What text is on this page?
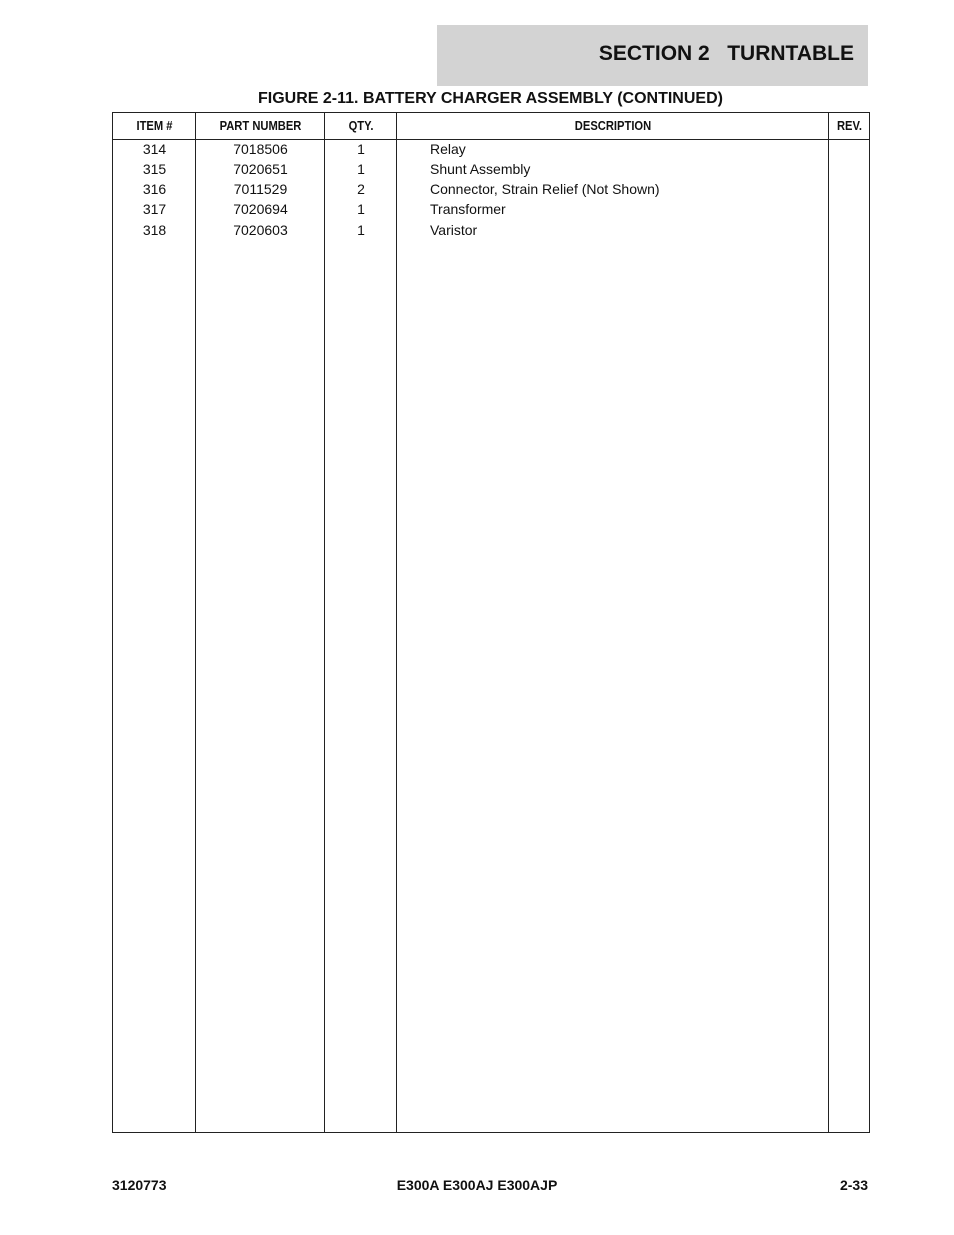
SECTION 2   TURNTABLE
FIGURE 2-11. BATTERY CHARGER ASSEMBLY (CONTINUED)
ITEM #	PART NUMBER	QTY.	DESCRIPTION	REV.
314	7018506	1	Relay
315	7020651	1	Shunt Assembly
316	7011529	2	Connector, Strain Relief (Not Shown)
317	7020694	1	Transformer
318	7020603	1	Varistor
3120773	E300A E300AJ E300AJP	2-33
